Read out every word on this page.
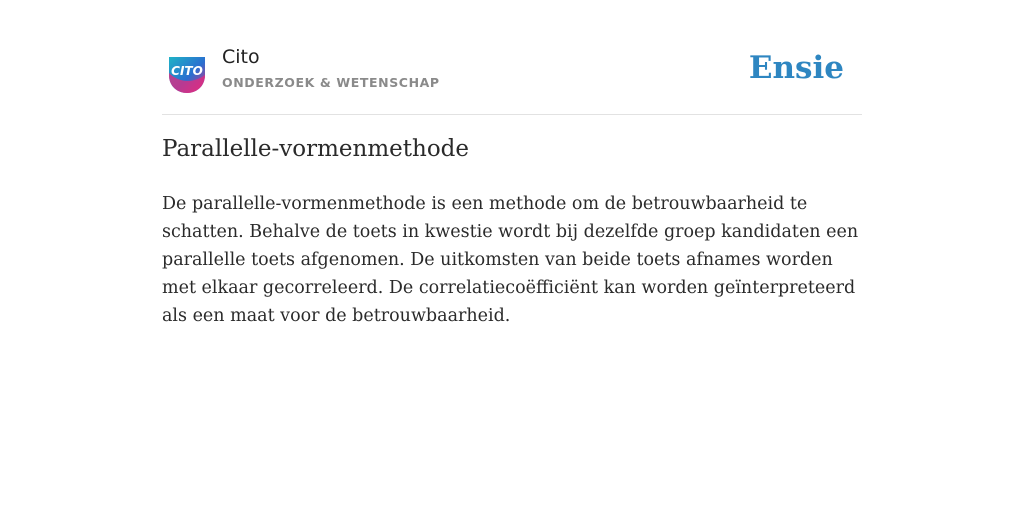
CITO
Cito
ONDERZOEK & WETENSCHAP	Ensie
Parallelle-vormenmethode

De parallelle-vormenmethode is een methode om de betrouwbaarheid te schatten. Behalve de toets in kwestie wordt bij dezelfde groep kandidaten een parallelle toets afgenomen. De uitkomsten van beide toets afnames worden met elkaar gecorreleerd. De correlatiecoëfficiënt kan worden geïnterpreteerd als een maat voor de betrouwbaarheid.
